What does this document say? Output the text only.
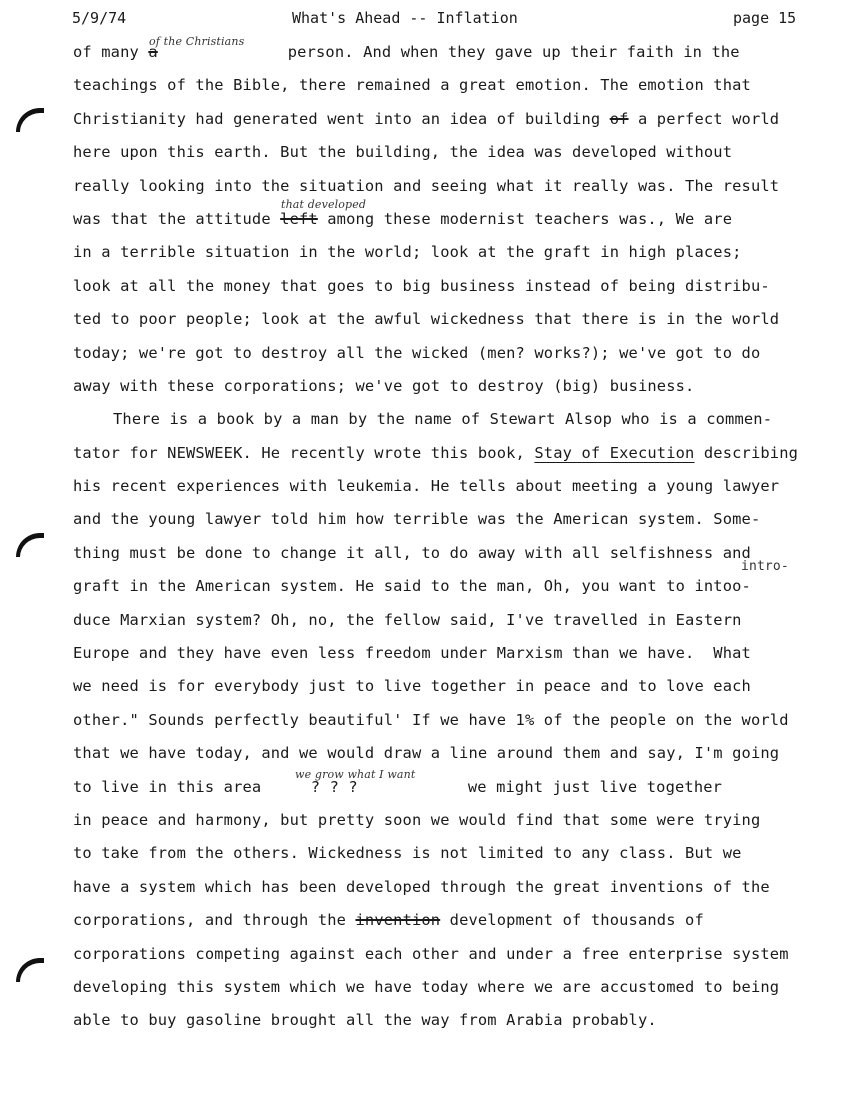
5/9/74	What's Ahead -- Inflation	page 15
of many a
of the Christians
person. And when they gave up their faith in the
teachings of the Bible, there remained a great emotion. The emotion that
Christianity had generated went into an idea of building of a perfect world
here upon this earth. But the building, the idea was developed without
really looking into the situation and seeing what it really was. The result
was that the attitude left among these modernist teachers was., We are
that developed
in a terrible situation in the world; look at the graft in high places;
look at all the money that goes to big business instead of being distribu-
ted to poor people; look at the awful wickedness that there is in the world
today; we're got to destroy all the wicked (men? works?); we've got to do
away with these corporations; we've got to destroy (big) business.
There is a book by a man by the name of Stewart Alsop who is a commen-
tator for NEWSWEEK. He recently wrote this book, Stay of Execution describing
his recent experiences with leukemia. He tells about meeting a young lawyer
and the young lawyer told him how terrible was the American system. Some-
thing must be done to change it all, to do away with all selfishness and
graft in the American system. He said to the man, Oh, you want to intoo-
intro-
duce Marxian system? Oh, no, the fellow said, I've travelled in Eastern
Europe and they have even less freedom under Marxism than we have.  What
we need is for everybody just to live together in peace and to love each
other." Sounds perfectly beautiful' If we have 1% of the people on the world
that we have today, and we would draw a line around them and say, I'm going
to live in this area	? ? ?	we might just live together
we grow what I want
in peace and harmony, but pretty soon we would find that some were trying
to take from the others. Wickedness is not limited to any class. But we
have a system which has been developed through the great inventions of the
corporations, and through the invention development of thousands of
corporations competing against each other and under a free enterprise system
developing this system which we have today where we are accustomed to being
able to buy gasoline brought all the way from Arabia probably.
